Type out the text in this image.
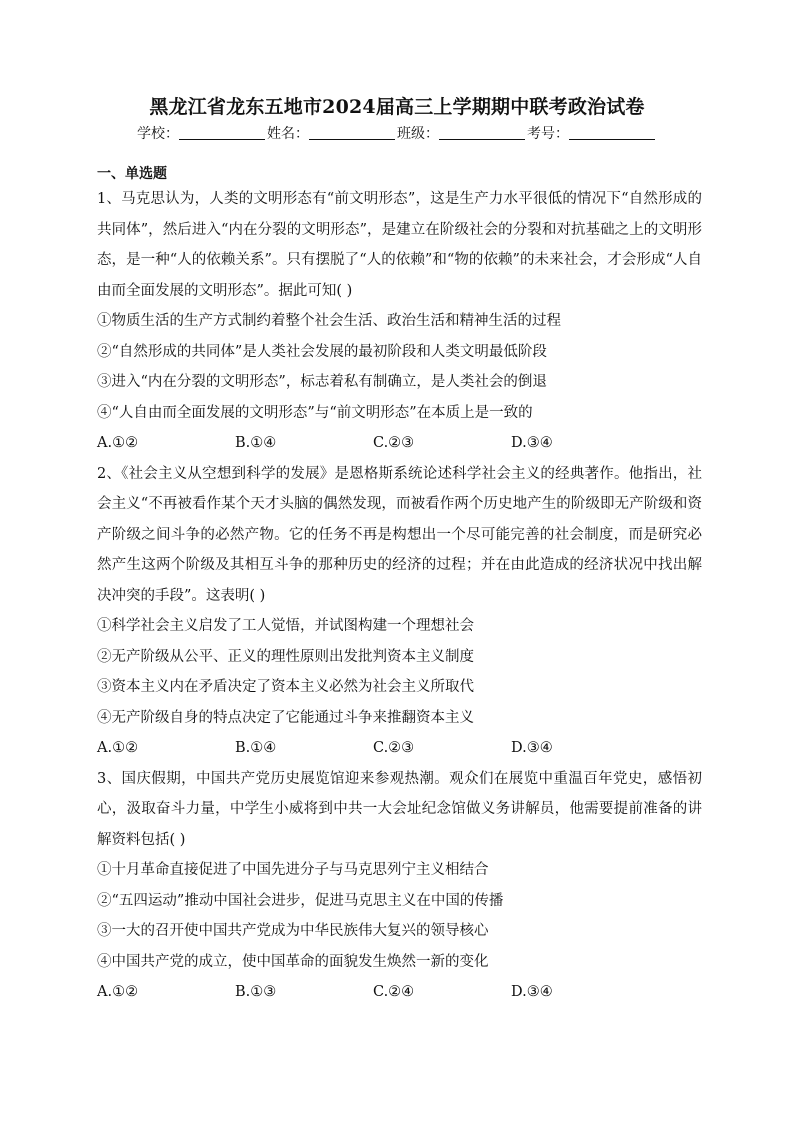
黑龙江省龙东五地市2024届高三上学期期中联考政治试卷
学校：	姓名：	班级：	考号：
一、单选题

1、马克思认为，人类的文明形态有“前文明形态”，这是生产力水平很低的情况下“自然形成的共同体”，然后进入“内在分裂的文明形态”，是建立在阶级社会的分裂和对抗基础之上的文明形态，是一种“人的依赖关系”。只有摆脱了“人的依赖”和“物的依赖”的未来社会，才会形成“人自由而全面发展的文明形态”。据此可知( )

①物质生活的生产方式制约着整个社会生活、政治生活和精神生活的过程

②“自然形成的共同体”是人类社会发展的最初阶段和人类文明最低阶段

③进入“内在分裂的文明形态”，标志着私有制确立，是人类社会的倒退

④“人自由而全面发展的文明形态”与“前文明形态”在本质上是一致的

A.①②	B.①④	C.②③	D.③④

2、《社会主义从空想到科学的发展》是恩格斯系统论述科学社会主义的经典著作。他指出，社会主义“不再被看作某个天才头脑的偶然发现，而被看作两个历史地产生的阶级即无产阶级和资产阶级之间斗争的必然产物。它的任务不再是构想出一个尽可能完善的社会制度，而是研究必然产生这两个阶级及其相互斗争的那种历史的经济的过程；并在由此造成的经济状况中找出解决冲突的手段”。这表明( )

①科学社会主义启发了工人觉悟，并试图构建一个理想社会

②无产阶级从公平、正义的理性原则出发批判资本主义制度

③资本主义内在矛盾决定了资本主义必然为社会主义所取代

④无产阶级自身的特点决定了它能通过斗争来推翻资本主义

A.①②	B.①④	C.②③	D.③④

3、国庆假期，中国共产党历史展览馆迎来参观热潮。观众们在展览中重温百年党史，感悟初心，汲取奋斗力量，中学生小威将到中共一大会址纪念馆做义务讲解员，他需要提前准备的讲解资料包括( )

①十月革命直接促进了中国先进分子与马克思列宁主义相结合

②“五四运动”推动中国社会进步，促进马克思主义在中国的传播

③一大的召开使中国共产党成为中华民族伟大复兴的领导核心

④中国共产党的成立，使中国革命的面貌发生焕然一新的变化

A.①②	B.①③	C.②④	D.③④
